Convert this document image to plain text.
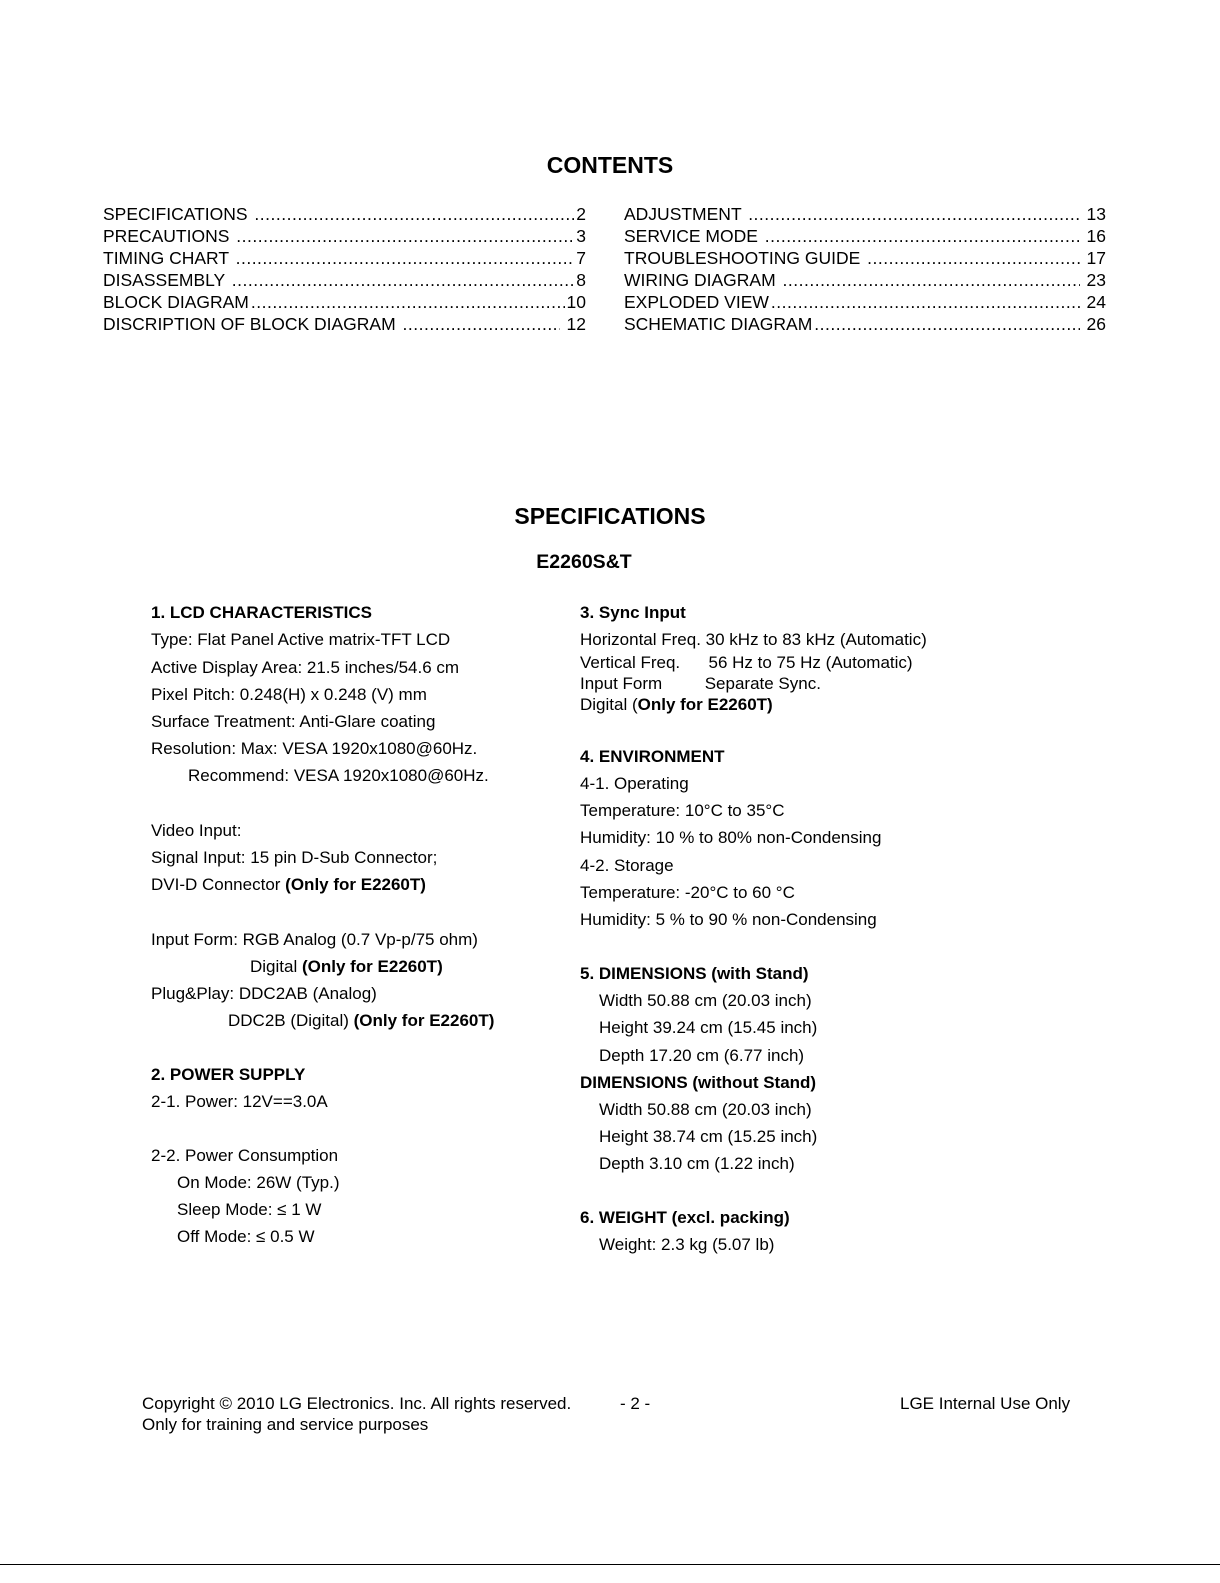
CONTENTS
SPECIFICATIONS .....	2
PRECAUTIONS .....	3
TIMING CHART .....	7
DISASSEMBLY .....	8
BLOCK DIAGRAM .....	10
DISCRIPTION OF BLOCK DIAGRAM .....	12
ADJUSTMENT .....	13
SERVICE MODE .....	16
TROUBLESHOOTING GUIDE .....	17
WIRING DIAGRAM .....	23
EXPLODED VIEW .....	24
SCHEMATIC DIAGRAM .....	26
SPECIFICATIONS
E2260S&T
1. LCD CHARACTERISTICS
Type: Flat Panel Active matrix-TFT LCD
Active Display Area: 21.5 inches/54.6 cm
Pixel Pitch: 0.248(H) x 0.248 (V) mm
Surface Treatment: Anti-Glare coating
Resolution: Max: VESA 1920x1080@60Hz.
Recommend: VESA 1920x1080@60Hz.
Video Input:
Signal Input: 15 pin D-Sub Connector;
DVI-D Connector (Only for E2260T)
Input Form: RGB Analog (0.7 Vp-p/75 ohm)
Digital (Only for E2260T)
Plug&Play: DDC2AB (Analog)
DDC2B (Digital) (Only for E2260T)
2. POWER SUPPLY
2-1. Power: 12V==3.0A
2-2. Power Consumption
On Mode: 26W (Typ.)
Sleep Mode: ≤ 1 W
Off Mode: ≤ 0.5 W
3. Sync Input
Horizontal Freq. 30 kHz to 83 kHz (Automatic)
Vertical Freq.      56 Hz to 75 Hz (Automatic)
Input Form         Separate Sync.
Digital (Only for E2260T)
4. ENVIRONMENT
4-1. Operating
Temperature: 10°C to 35°C
Humidity: 10 % to 80% non-Condensing
4-2. Storage
Temperature: -20°C to 60 °C
Humidity: 5 % to 90 % non-Condensing
5. DIMENSIONS (with Stand)
Width 50.88 cm (20.03 inch)
Height 39.24 cm (15.45 inch)
Depth 17.20 cm (6.77 inch)
DIMENSIONS (without Stand)
Width 50.88 cm (20.03 inch)
Height 38.74 cm (15.25 inch)
Depth 3.10 cm (1.22 inch)
6. WEIGHT (excl. packing)
Weight: 2.3 kg (5.07 lb)
Copyright © 2010 LG Electronics. Inc. All rights reserved.	- 2 -	LGE Internal Use Only
Only for training and service purposes
